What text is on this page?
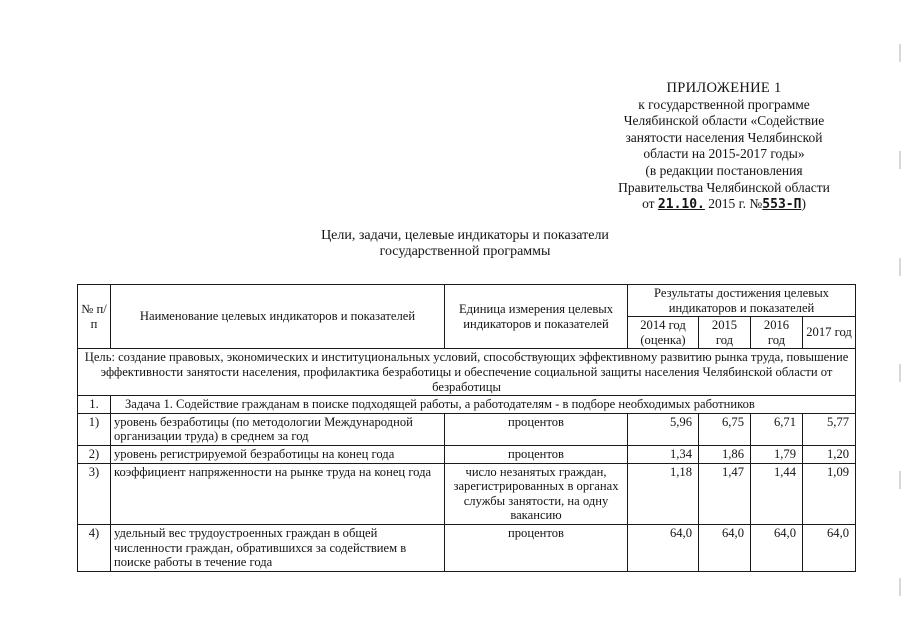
ПРИЛОЖЕНИЕ 1
к государственной программе
Челябинской области «Содействие
занятости населения Челябинской
области на 2015-2017 годы»
(в редакции постановления
Правительства Челябинской области
от 21.10. 2015 г. №553-П)
Цели, задачи, целевые индикаторы и показатели
государственной программы
№ п/п	Наименование целевых индикаторов и показателей	Единица измерения целевых индикаторов и показателей	Результаты достижения целевых индикаторов и показателей			
			2014 год (оценка)	2015 год	2016 год	2017 год
Цель: создание правовых, экономических и институциональных условий, способствующих эффективному развитию рынка труда, повышение эффективности занятости населения, профилактика безработицы и обеспечение социальной защиты населения Челябинской области от безработицы						
1.	Задача 1. Содействие гражданам в поиске подходящей работы, а работодателям - в подборе необходимых работников					
1)	уровень безработицы (по методологии Международной организации труда) в среднем за год	процентов	5,96	6,75	6,71	5,77
2)	уровень регистрируемой безработицы на конец года	процентов	1,34	1,86	1,79	1,20
3)	коэффициент напряженности на рынке труда на конец года	число незанятых граждан, зарегистрированных в органах службы занятости, на одну вакансию	1,18	1,47	1,44	1,09
4)	удельный вес трудоустроенных граждан в общей численности граждан, обратившихся за содействием в поиске работы в течение года	процентов	64,0	64,0	64,0	64,0
